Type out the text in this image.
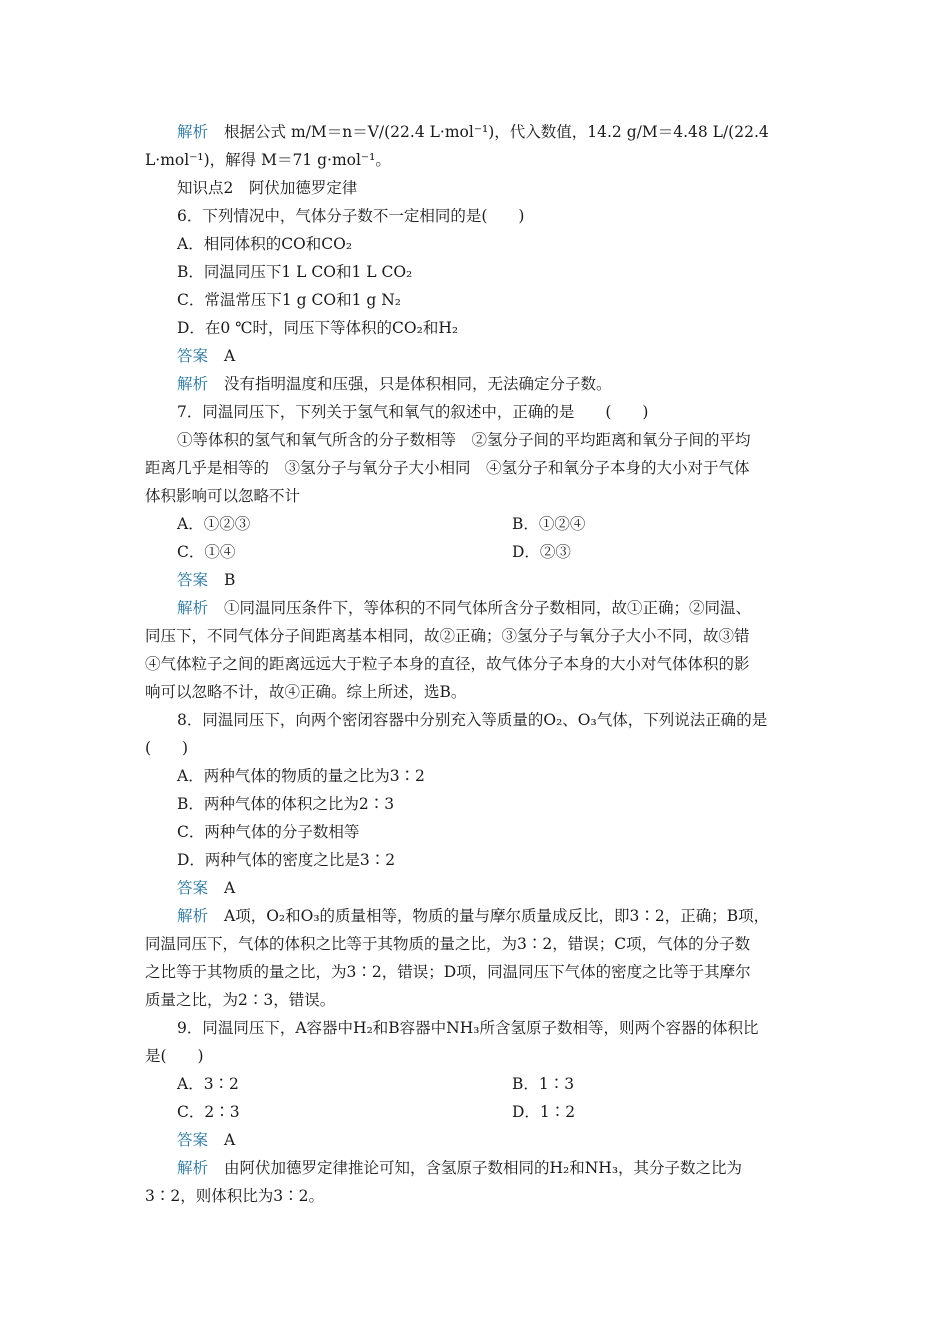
解析 根据公式 m/M＝n＝V/(22.4 L·mol⁻¹)，代入数值，14.2 g/M＝4.48 L/(22.4
L·mol⁻¹)，解得 M＝71 g·mol⁻¹。
知识点2　阿伏加德罗定律
6．下列情况中，气体分子数不一定相同的是(　　)
A．相同体积的CO和CO₂
B．同温同压下1 L CO和1 L CO₂
C．常温常压下1 g CO和1 g N₂
D．在0 ℃时，同压下等体积的CO₂和H₂
答案 A
解析 没有指明温度和压强，只是体积相同，无法确定分子数。
7．同温同压下，下列关于氢气和氧气的叙述中，正确的是　　(　　)
①等体积的氢气和氧气所含的分子数相等　②氢分子间的平均距离和氧分子间的平均
距离几乎是相等的　③氢分子与氧分子大小相同　④氢分子和氧分子本身的大小对于气体
体积影响可以忽略不计
A．①②③	B．①②④
C．①④	D．②③
答案 B
解析 ①同温同压条件下，等体积的不同气体所含分子数相同，故①正确；②同温、
同压下，不同气体分子间距离基本相同，故②正确；③氢分子与氧分子大小不同，故③错
④气体粒子之间的距离远远大于粒子本身的直径，故气体分子本身的大小对气体体积的影
响可以忽略不计，故④正确。综上所述，选B。
8．同温同压下，向两个密闭容器中分别充入等质量的O₂、O₃气体，下列说法正确的是
(　　)
A．两种气体的物质的量之比为3∶2
B．两种气体的体积之比为2∶3
C．两种气体的分子数相等
D．两种气体的密度之比是3∶2
答案 A
解析 A项，O₂和O₃的质量相等，物质的量与摩尔质量成反比，即3∶2，正确；B项，
同温同压下，气体的体积之比等于其物质的量之比，为3∶2，错误；C项，气体的分子数
之比等于其物质的量之比，为3∶2，错误；D项，同温同压下气体的密度之比等于其摩尔
质量之比，为2∶3，错误。
9．同温同压下，A容器中H₂和B容器中NH₃所含氢原子数相等，则两个容器的体积比
是(　　)
A．3∶2	B．1∶3
C．2∶3	D．1∶2
答案 A
解析 由阿伏加德罗定律推论可知，含氢原子数相同的H₂和NH₃，其分子数之比为
3∶2，则体积比为3∶2。
